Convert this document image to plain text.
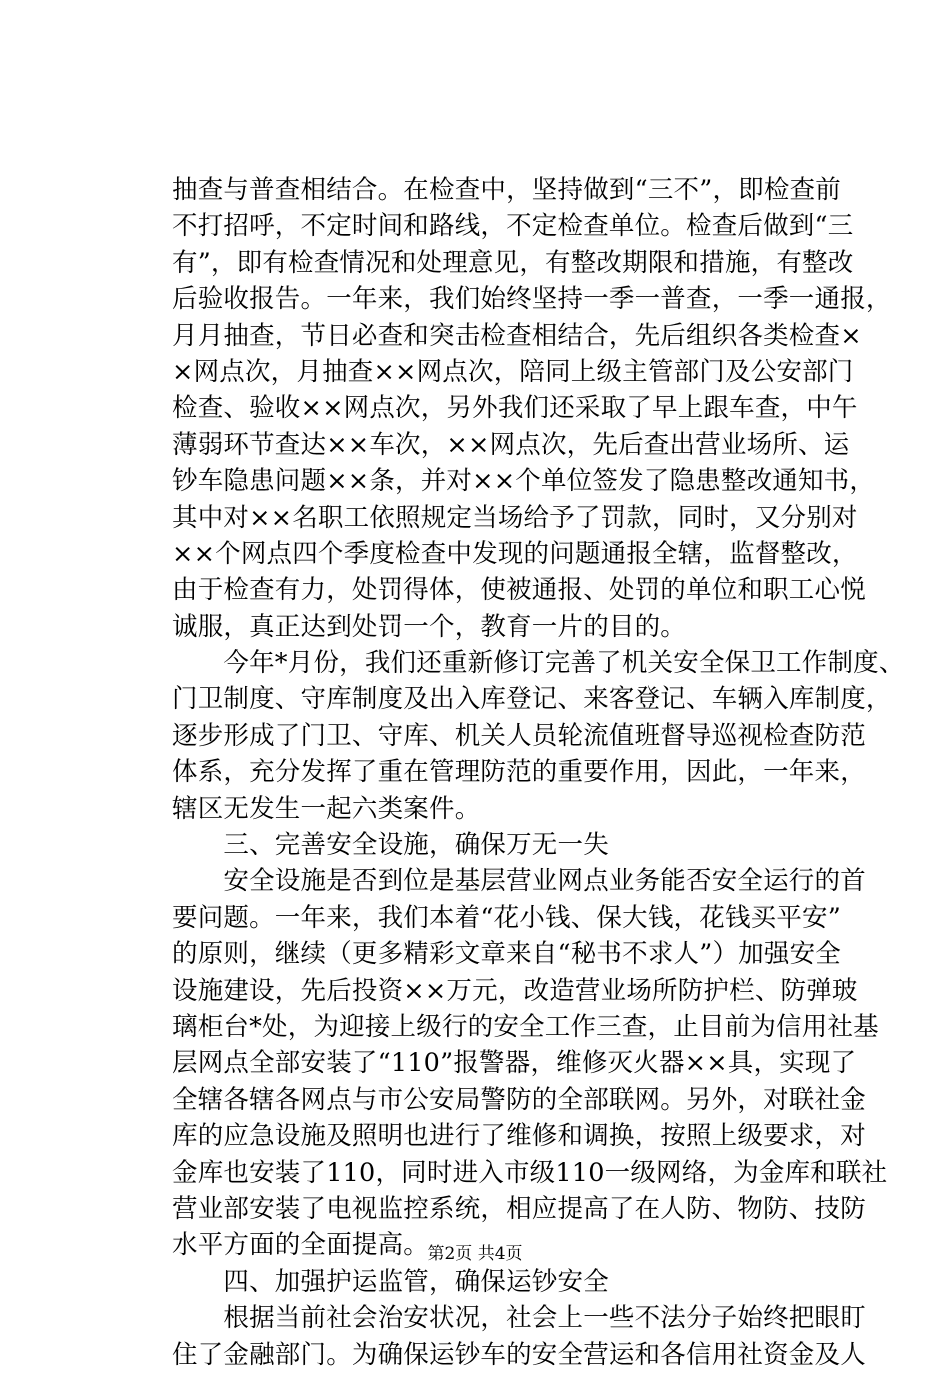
抽查与普查相结合。在检查中，坚持做到“三不”，即检查前
不打招呼，不定时间和路线，不定检查单位。检查后做到“三
有”，即有检查情况和处理意见，有整改期限和措施，有整改
后验收报告。一年来，我们始终坚持一季一普查，一季一通报，
月月抽查，节日必查和突击检查相结合，先后组织各类检查×
×网点次，月抽查××网点次，陪同上级主管部门及公安部门
检查、验收××网点次，另外我们还采取了早上跟车查，中午
薄弱环节查达××车次，××网点次，先后查出营业场所、运
钞车隐患问题××条，并对××个单位签发了隐患整改通知书，
其中对××名职工依照规定当场给予了罚款，同时，又分别对
××个网点四个季度检查中发现的问题通报全辖，监督整改，
由于检查有力，处罚得体，使被通报、处罚的单位和职工心悦
诚服，真正达到处罚一个，教育一片的目的。
　　今年*月份，我们还重新修订完善了机关安全保卫工作制度、
门卫制度、守库制度及出入库登记、来客登记、车辆入库制度，
逐步形成了门卫、守库、机关人员轮流值班督导巡视检查防范
体系，充分发挥了重在管理防范的重要作用，因此，一年来，
辖区无发生一起六类案件。
　　三、完善安全设施，确保万无一失
　　安全设施是否到位是基层营业网点业务能否安全运行的首
要问题。一年来，我们本着“花小钱、保大钱，花钱买平安”
的原则，继续（更多精彩文章来自“秘书不求人”）加强安全
设施建设，先后投资××万元，改造营业场所防护栏、防弹玻
璃柜台*处，为迎接上级行的安全工作三查，止目前为信用社基
层网点全部安装了“110”报警器，维修灭火器××具，实现了
全辖各辖各网点与市公安局警防的全部联网。另外，对联社金
库的应急设施及照明也进行了维修和调换，按照上级要求，对
金库也安装了110，同时进入市级110一级网络，为金库和联社
营业部安装了电视监控系统，相应提高了在人防、物防、技防
水平方面的全面提高。
　　四、加强护运监管，确保运钞安全
　　根据当前社会治安状况，社会上一些不法分子始终把眼盯
住了金融部门。为确保运钞车的安全营运和各信用社资金及人
第2页 共4页
